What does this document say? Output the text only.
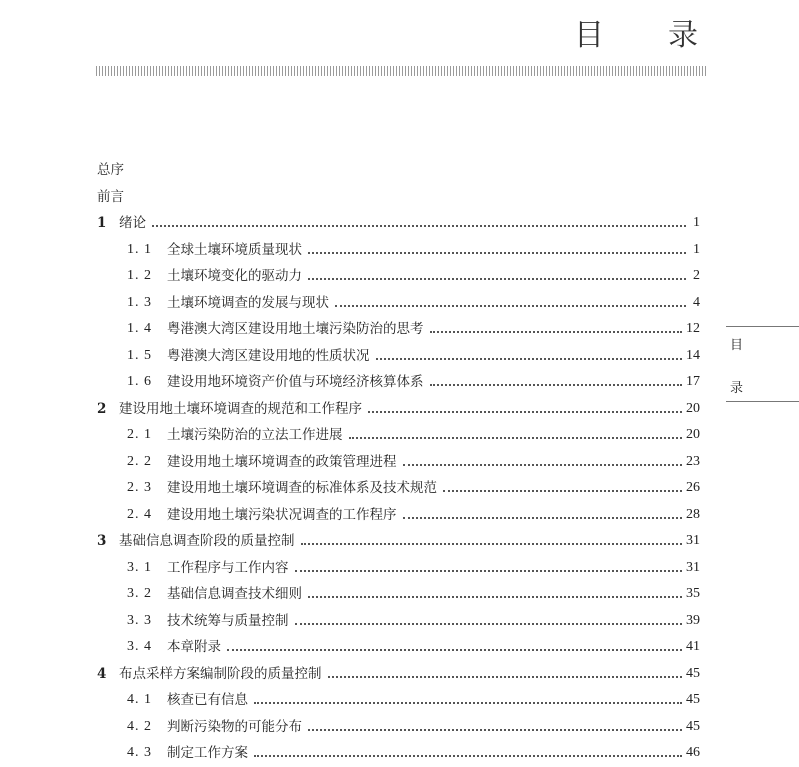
目 录
总序
前言
1 绪论	1
1. 1	全球土壤环境质量现状	1
1. 2	土壤环境变化的驱动力	2
1. 3	土壤环境调查的发展与现状	4
1. 4	粤港澳大湾区建设用地土壤污染防治的思考	12
1. 5	粤港澳大湾区建设用地的性质状况	14
1. 6	建设用地环境资产价值与环境经济核算体系	17
2 建设用地土壤环境调查的规范和工作程序	20
2. 1	土壤污染防治的立法工作进展	20
2. 2	建设用地土壤环境调查的政策管理进程	23
2. 3	建设用地土壤环境调查的标准体系及技术规范	26
2. 4	建设用地土壤污染状况调查的工作程序	28
3 基础信息调查阶段的质量控制	31
3. 1	工作程序与工作内容	31
3. 2	基础信息调查技术细则	35
3. 3	技术统筹与质量控制	39
3. 4	本章附录	41
4 布点采样方案编制阶段的质量控制	45
4. 1	核查已有信息	45
4. 2	判断污染物的可能分布	45
4. 3	制定工作方案	46
目
录
